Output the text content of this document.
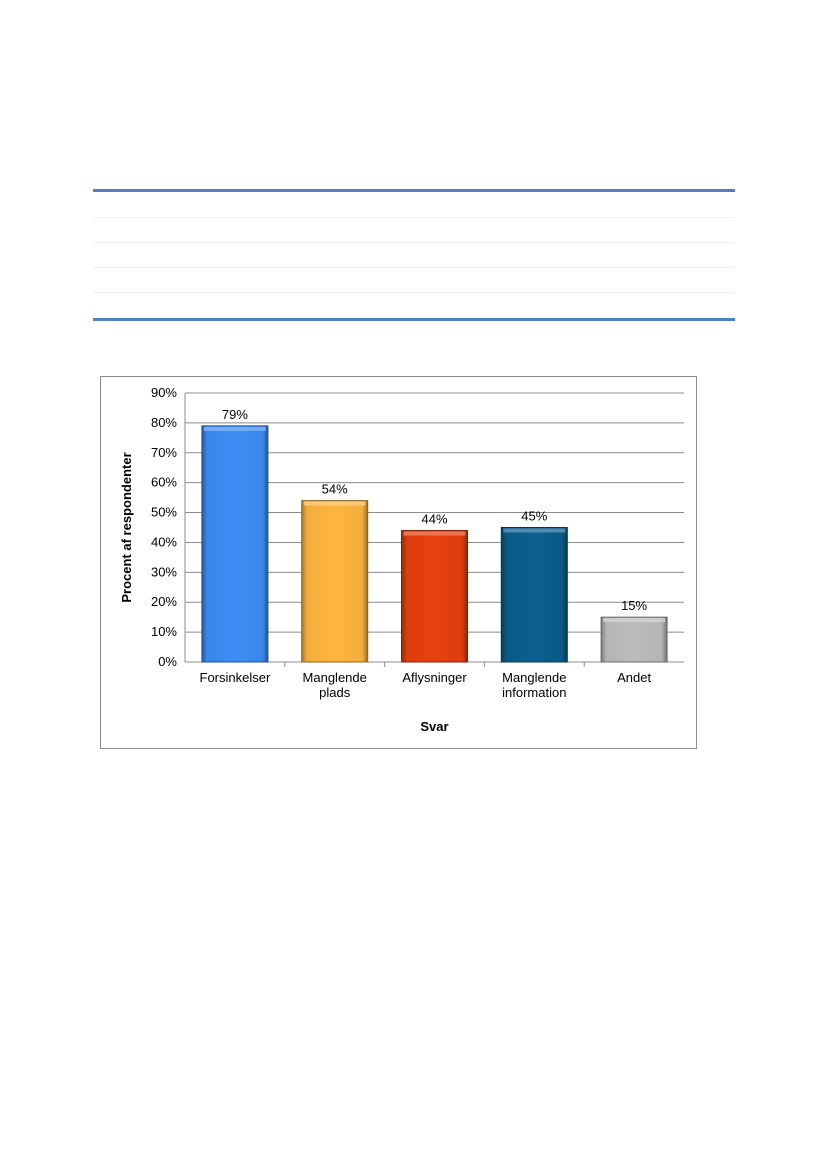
0%
10%
20%
30%
40%
50%
60%
70%
80%
90%
79%
Forsinkelser
54%
Manglende plads
44%
Aflysninger
45%
Manglende information
15%
Andet
Svar
Procent af respondenter
